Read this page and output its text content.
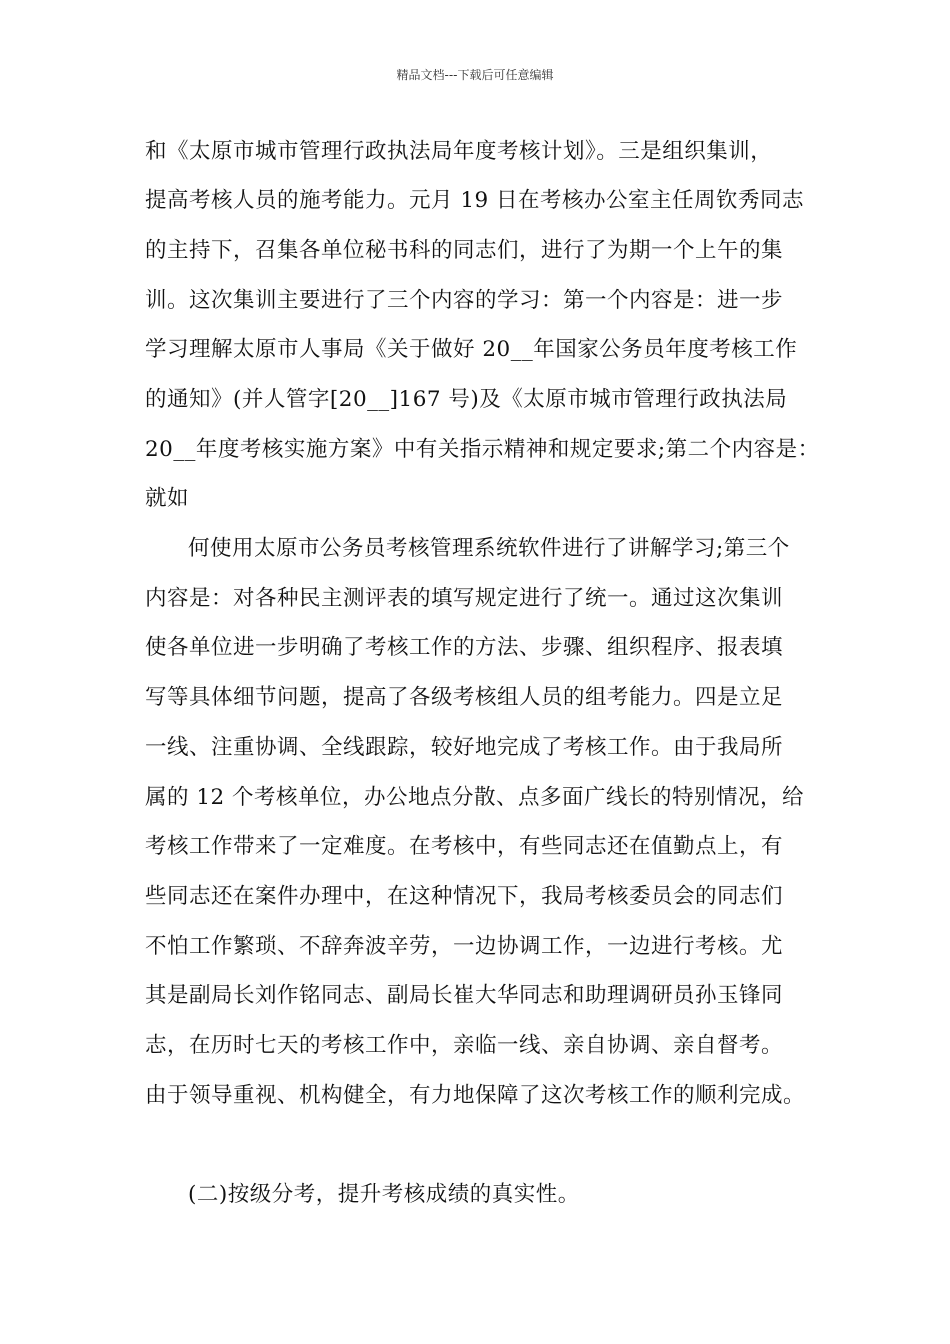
精品文档---下载后可任意编辑
和《太原市城市管理行政执法局年度考核计划》。三是组织集训，
提高考核人员的施考能力。元月 19 日在考核办公室主任周钦秀同志
的主持下，召集各单位秘书科的同志们，进行了为期一个上午的集
训。这次集训主要进行了三个内容的学习：第一个内容是：进一步
学习理解太原市人事局《关于做好 20__年国家公务员年度考核工作
的通知》(并人管字[20__]167 号)及《太原市城市管理行政执法局
20__年度考核实施方案》中有关指示精神和规定要求;第二个内容是：
就如
何使用太原市公务员考核管理系统软件进行了讲解学习;第三个
内容是：对各种民主测评表的填写规定进行了统一。通过这次集训
使各单位进一步明确了考核工作的方法、步骤、组织程序、报表填
写等具体细节问题，提高了各级考核组人员的组考能力。四是立足
一线、注重协调、全线跟踪，较好地完成了考核工作。由于我局所
属的 12 个考核单位，办公地点分散、点多面广线长的特别情况，给
考核工作带来了一定难度。在考核中，有些同志还在值勤点上，有
些同志还在案件办理中，在这种情况下，我局考核委员会的同志们
不怕工作繁琐、不辞奔波辛劳，一边协调工作，一边进行考核。尤
其是副局长刘作铭同志、副局长崔大华同志和助理调研员孙玉锋同
志，在历时七天的考核工作中，亲临一线、亲自协调、亲自督考。
由于领导重视、机构健全，有力地保障了这次考核工作的顺利完成。
(二)按级分考，提升考核成绩的真实性。
